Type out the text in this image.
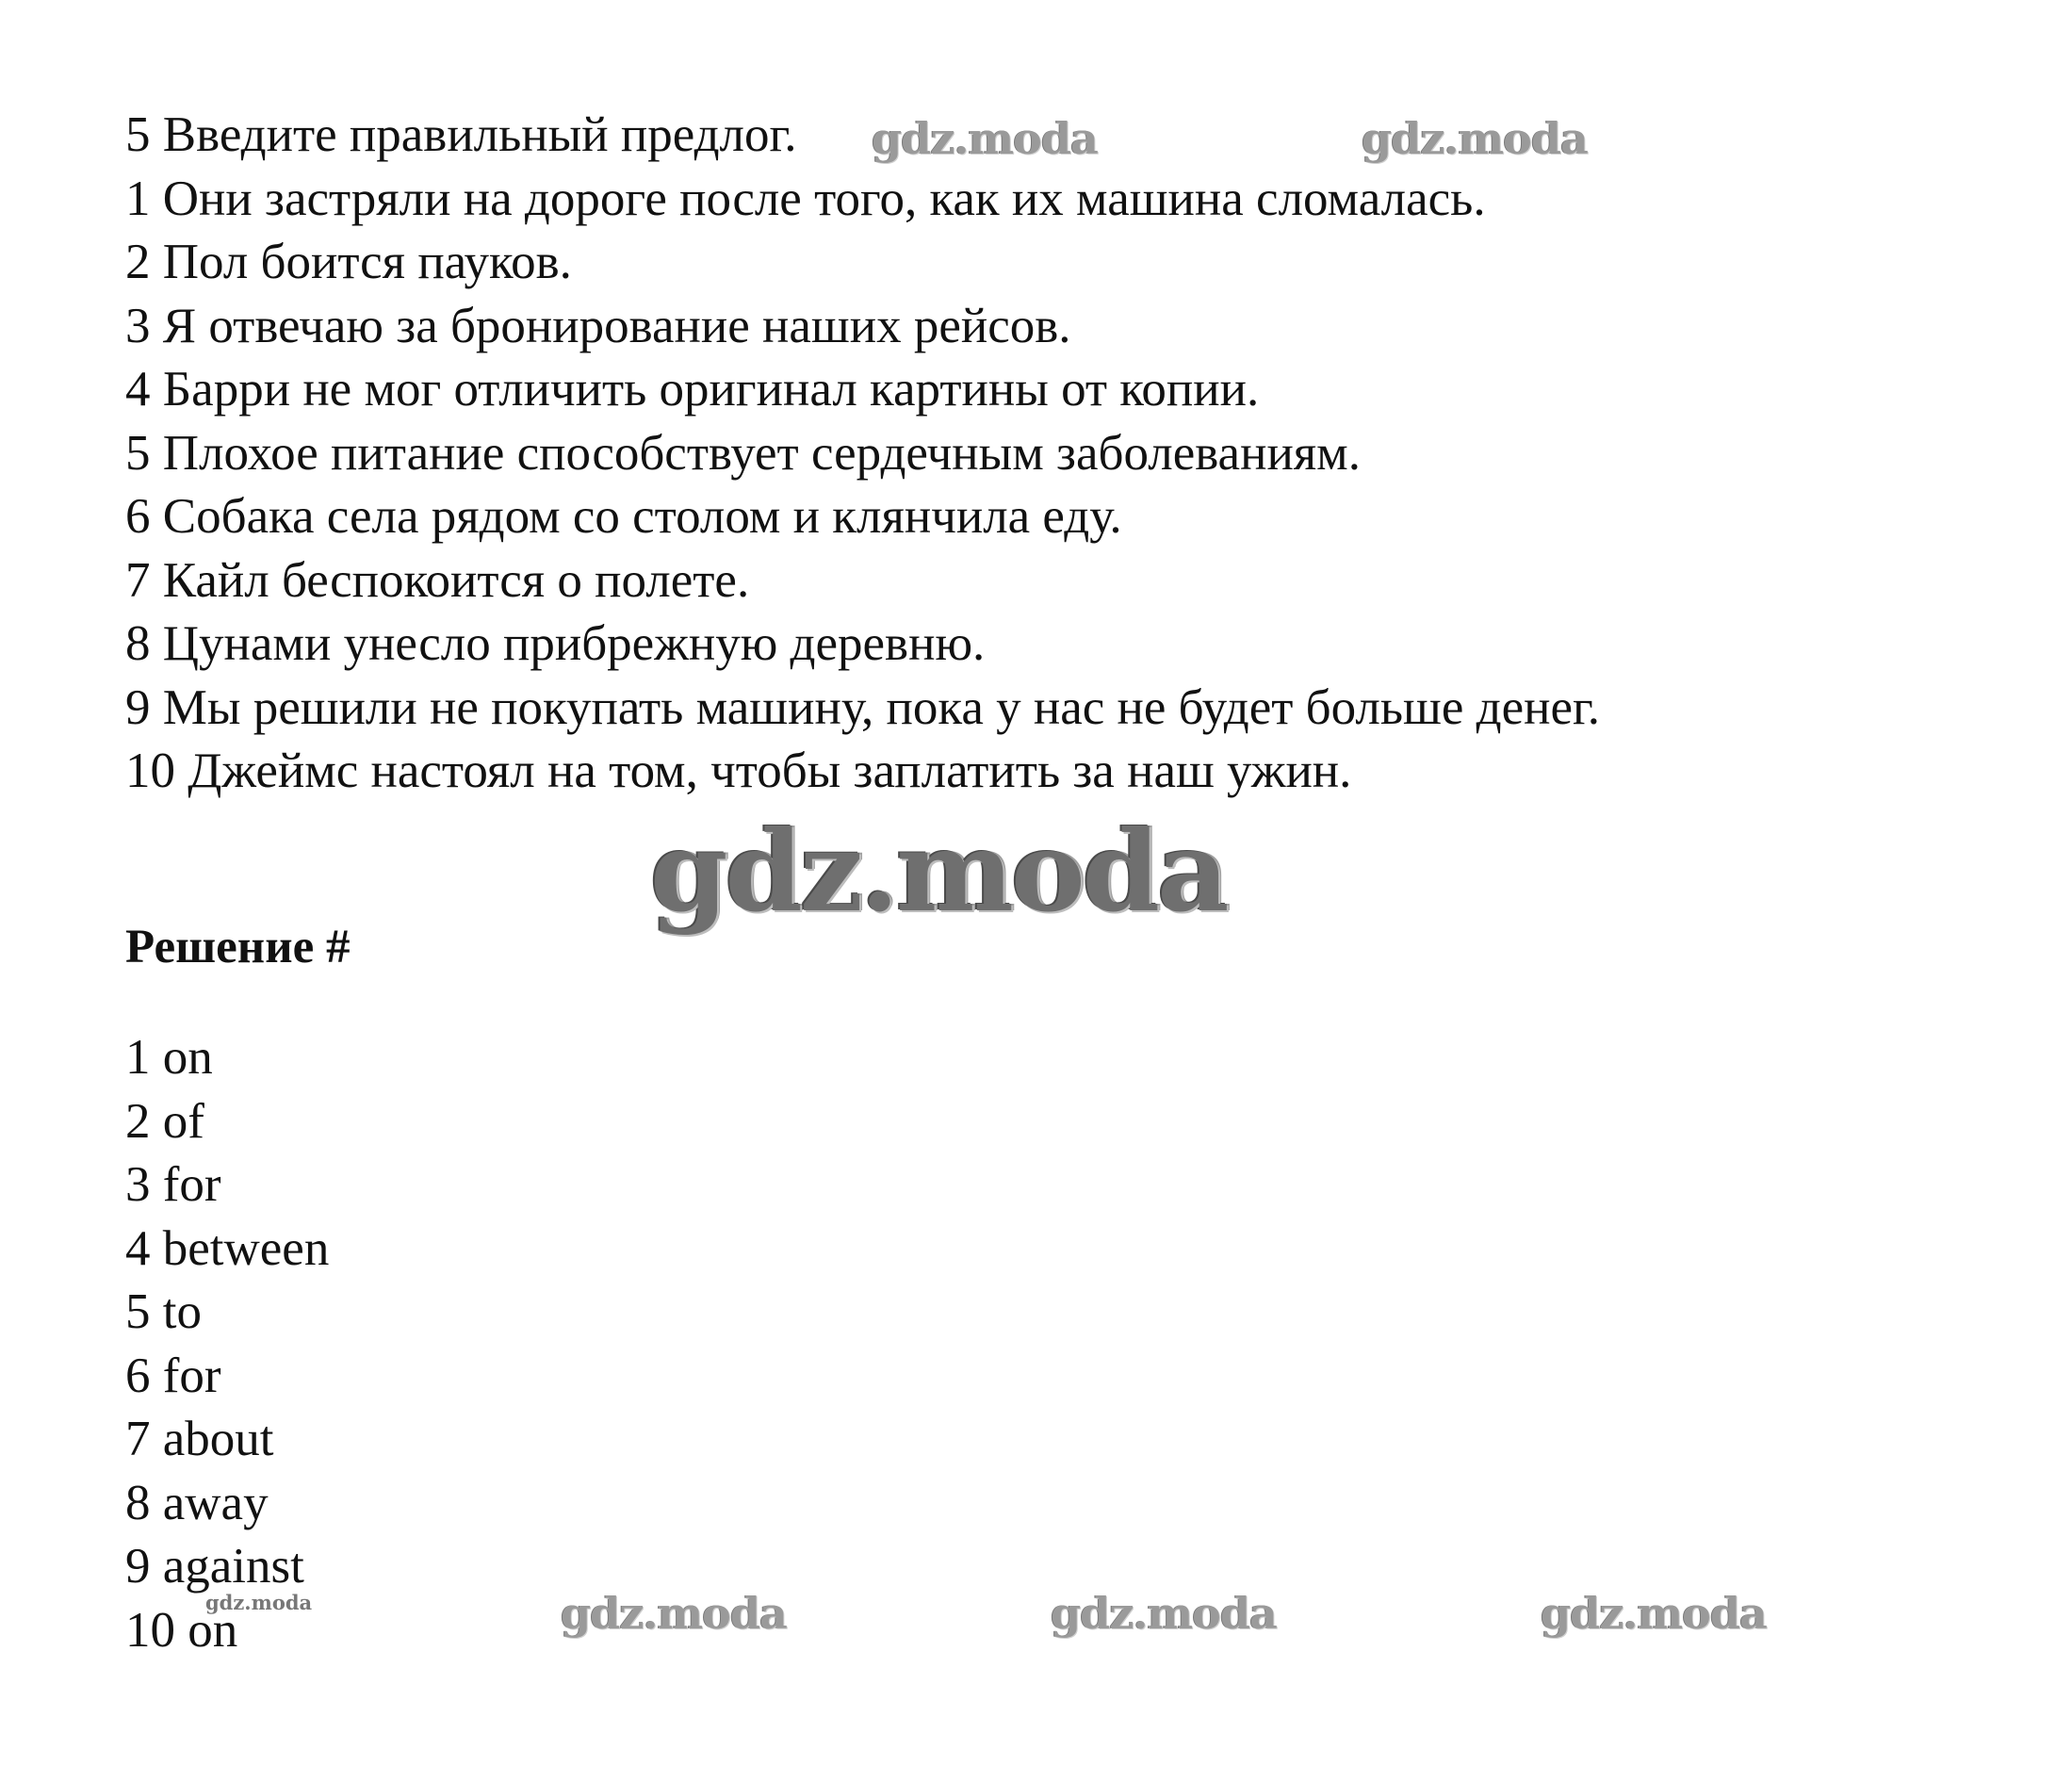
5 Введите правильный предлог.
1 Они застряли на дороге после того, как их машина сломалась.
2 Пол боится пауков.
3 Я отвечаю за бронирование наших рейсов.
4 Барри не мог отличить оригинал картины от копии.
5 Плохое питание способствует сердечным заболеваниям.
6 Собака села рядом со столом и клянчила еду.
7 Кайл беспокоится о полете.
8 Цунами унесло прибрежную деревню.
9 Мы решили не покупать машину, пока у нас не будет больше денег.
10 Джеймс настоял на том, чтобы заплатить за наш ужин.
Решение #
1 on
2 of
3 for
4 between
5 to
6 for
7 about
8 away
9 against
10 on
gdz.moda	gdz.moda
gdz.moda
gdz.moda	gdz.moda	gdz.moda	gdz.moda
